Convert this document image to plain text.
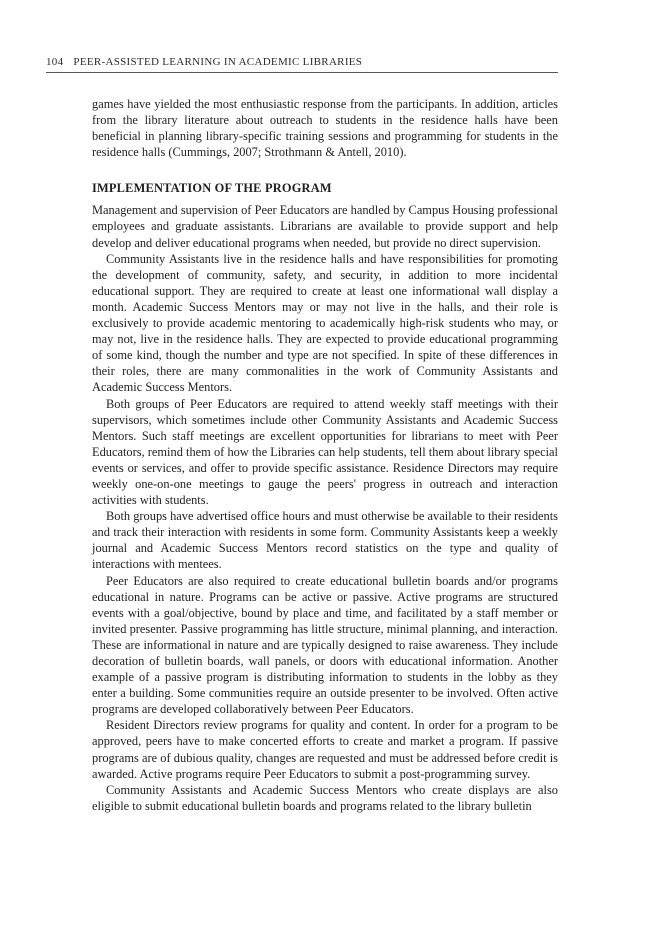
104 PEER-ASSISTED LEARNING IN ACADEMIC LIBRARIES

games have yielded the most enthusiastic response from the participants. In addition, articles from the library literature about outreach to students in the residence halls have been beneficial in planning library-specific training sessions and programming for students in the residence halls (Cummings, 2007; Strothmann & Antell, 2010).

IMPLEMENTATION OF THE PROGRAM

Management and supervision of Peer Educators are handled by Campus Housing professional employees and graduate assistants. Librarians are available to provide support and help develop and deliver educational programs when needed, but provide no direct supervision.

Community Assistants live in the residence halls and have responsibilities for promoting the development of community, safety, and security, in addition to more incidental educational support. They are required to create at least one informational wall display a month. Academic Success Mentors may or may not live in the halls, and their role is exclusively to provide academic mentoring to academically high-risk students who may, or may not, live in the residence halls. They are expected to provide educational programming of some kind, though the number and type are not specified. In spite of these differences in their roles, there are many commonalities in the work of Community Assistants and Academic Success Mentors.

Both groups of Peer Educators are required to attend weekly staff meetings with their supervisors, which sometimes include other Community Assistants and Academic Success Mentors. Such staff meetings are excellent opportunities for librarians to meet with Peer Educators, remind them of how the Libraries can help students, tell them about library special events or services, and offer to provide specific assistance. Residence Directors may require weekly one-on-one meetings to gauge the peers' progress in outreach and interaction activities with students.

Both groups have advertised office hours and must otherwise be available to their residents and track their interaction with residents in some form. Community Assistants keep a weekly journal and Academic Success Mentors record statistics on the type and quality of interactions with mentees.

Peer Educators are also required to create educational bulletin boards and/or programs educational in nature. Programs can be active or passive. Active programs are structured events with a goal/objective, bound by place and time, and facilitated by a staff member or invited presenter. Passive programming has little structure, minimal planning, and interaction. These are informational in nature and are typically designed to raise awareness. They include decoration of bulletin boards, wall panels, or doors with educational information. Another example of a passive program is distributing information to students in the lobby as they enter a building. Some communities require an outside presenter to be involved. Often active programs are developed collaboratively between Peer Educators.

Resident Directors review programs for quality and content. In order for a program to be approved, peers have to make concerted efforts to create and market a program. If passive programs are of dubious quality, changes are requested and must be addressed before credit is awarded. Active programs require Peer Educators to submit a post-programming survey.

Community Assistants and Academic Success Mentors who create displays are also eligible to submit educational bulletin boards and programs related to the library bulletin
